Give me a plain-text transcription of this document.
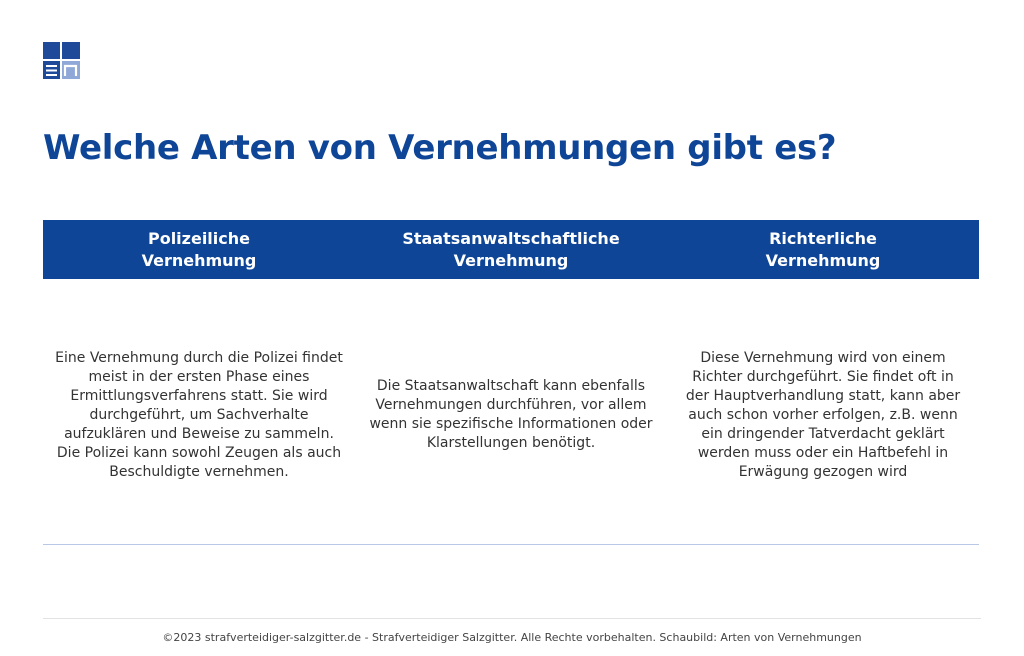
Welche Arten von Vernehmungen gibt es?
Polizeiliche
Vernehmung
Staatsanwaltschaftliche
Vernehmung
Richterliche
Vernehmung
Eine Vernehmung durch die Polizei findet meist in der ersten Phase eines Ermittlungsverfahrens statt. Sie wird durchgeführt, um Sachverhalte aufzuklären und Beweise zu sammeln. Die Polizei kann sowohl Zeugen als auch Beschuldigte vernehmen.
Die Staatsanwaltschaft kann ebenfalls Vernehmungen durchführen, vor allem wenn sie spezifische Informationen oder Klarstellungen benötigt.
Diese Vernehmung wird von einem Richter durchgeführt. Sie findet oft in der Hauptverhandlung statt, kann aber auch schon vorher erfolgen, z.B. wenn ein dringender Tatverdacht geklärt werden muss oder ein Haftbefehl in Erwägung gezogen wird
©2023 strafverteidiger-salzgitter.de - Strafverteidiger Salzgitter. Alle Rechte vorbehalten. Schaubild: Arten von Vernehmungen
